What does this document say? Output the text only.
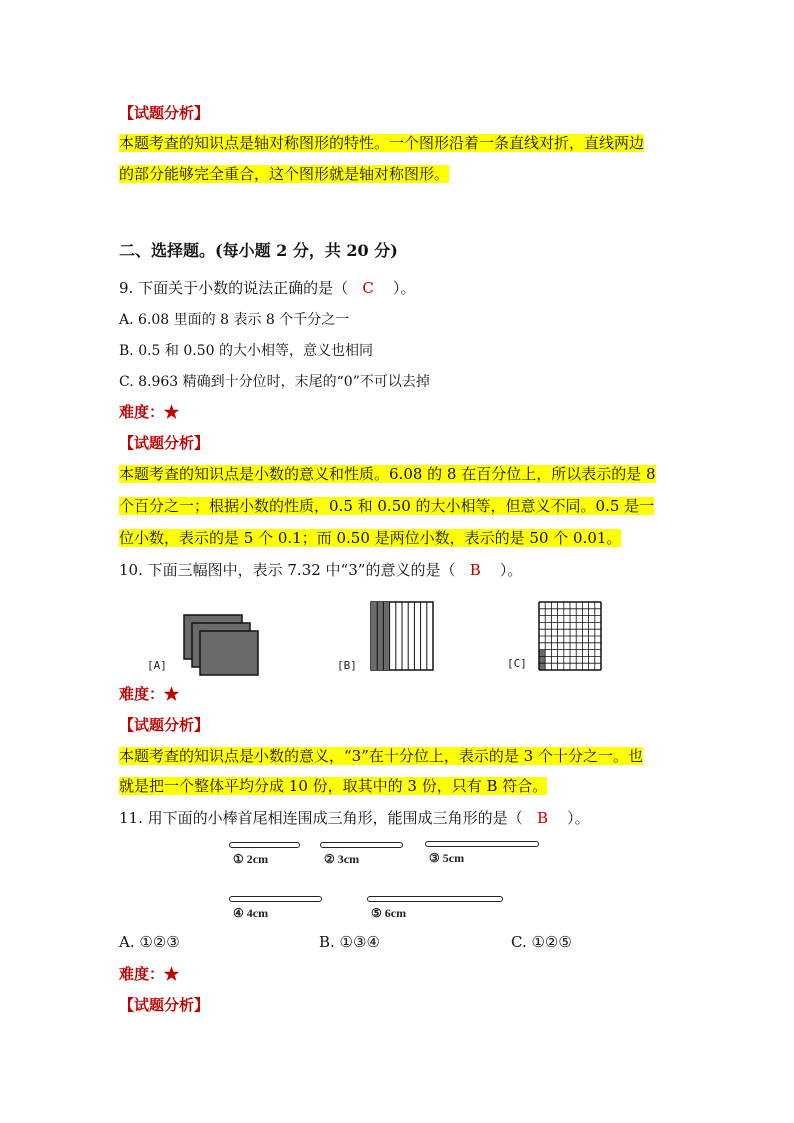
【试题分析】
本题考查的知识点是轴对称图形的特性。一个图形沿着一条直线对折，直线两边
的部分能够完全重合，这个图形就是轴对称图形。
二、选择题。(每小题 2 分，共 20 分)
9. 下面关于小数的说法正确的是（ C ）。
A. 6.08 里面的 8 表示 8 个千分之一
B. 0.5 和 0.50 的大小相等，意义也相同
C. 8.963 精确到十分位时，末尾的“0”不可以去掉
难度：★
【试题分析】
本题考查的知识点是小数的意义和性质。6.08 的 8 在百分位上，所以表示的是 8
个百分之一；根据小数的性质，0.5 和 0.50 的大小相等，但意义不同。0.5 是一
位小数，表示的是 5 个 0.1；而 0.50 是两位小数，表示的是 50 个 0.01。
10. 下面三幅图中，表示 7.32 中“3”的意义的是（ B ）。
[A]	[B]	[C]
难度：★
【试题分析】
本题考查的知识点是小数的意义，“3”在十分位上，表示的是 3 个十分之一。也
就是把一个整体平均分成 10 份，取其中的 3 份，只有 B 符合。
11. 用下面的小棒首尾相连围成三角形，能围成三角形的是（ B ）。
① 2cm	② 3cm	③ 5cm
④ 4cm	⑤ 6cm
A. ①②③	B. ①③④	C. ①②⑤
难度：★
【试题分析】
